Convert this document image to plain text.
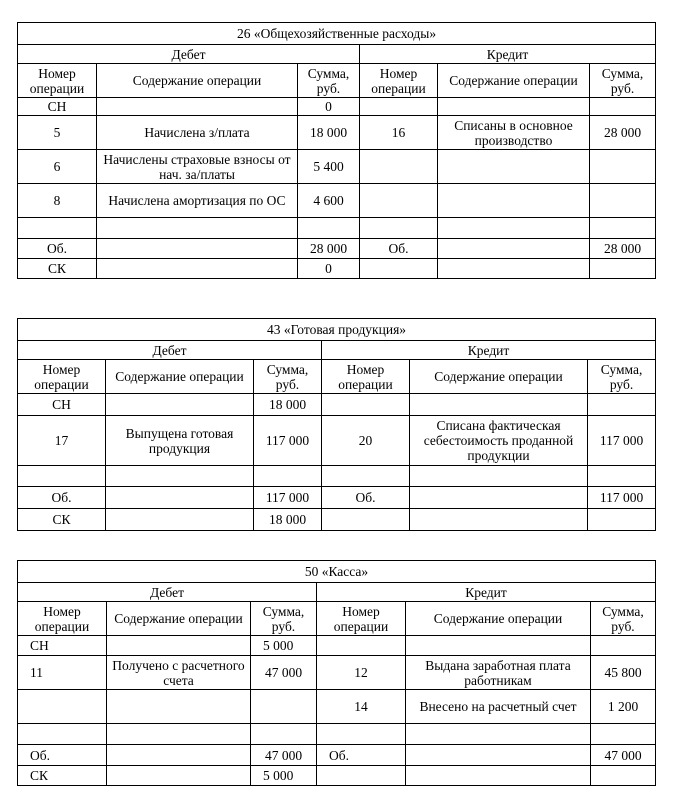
26 «Общехозяйственные расходы»					
Дебет			Кредит		
Номер операции	Содержание операции	Сумма, руб.	Номер операции	Содержание операции	Сумма, руб.
СН		0			
5	Начислена з/плата	18 000	16	Списаны в основное производство	28 000
6	Начислены страховые взносы от нач. за/платы	5 400			
8	Начислена амортизация по ОС	4 600			

Об.		28 000	Об.		28 000
СК		0			
43 «Готовая продукция»					
Дебет			Кредит		
Номер операции	Содержание операции	Сумма, руб.	Номер операции	Содержание операции	Сумма, руб.
СН		18 000			
17	Выпущена готовая продукция	117 000	20	Списана фактическая себестоимость проданной продукции	117 000

Об.		117 000	Об.		117 000
СК		18 000			
50 «Касса»					
Дебет			Кредит		
Номер операции	Содержание операции	Сумма, руб.	Номер операции	Содержание операции	Сумма, руб.
СН		5 000			
11	Получено с расчетного счета	47 000	12	Выдана заработная плата работникам	45 800
			14	Внесено на расчетный счет	1 200

Об.		47 000	Об.		47 000
СК		5 000			
